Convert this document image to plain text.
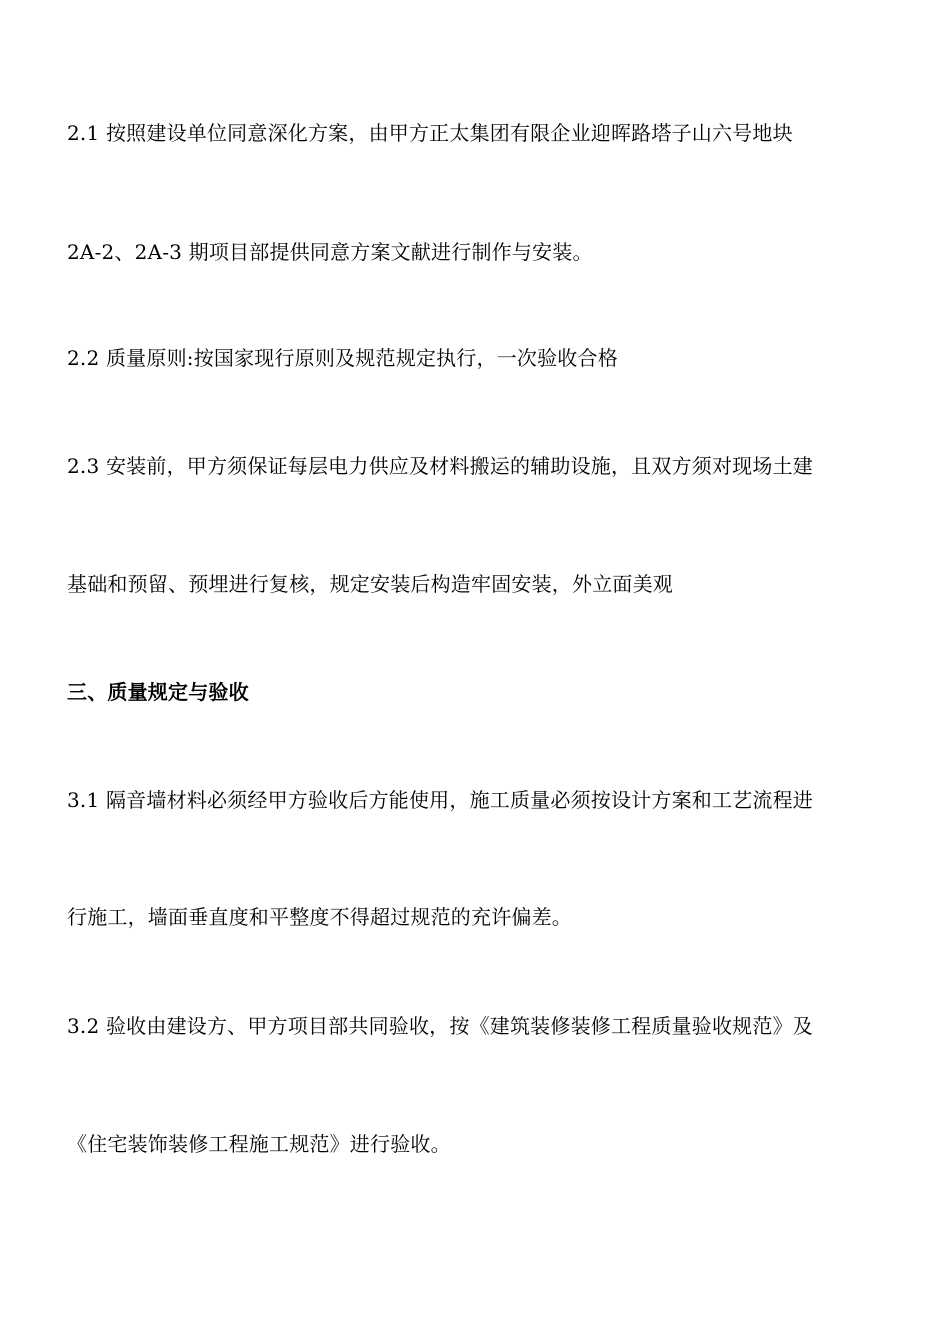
2.1 按照建设单位同意深化方案，由甲方正太集团有限企业迎晖路塔子山六号地块
2A-2、2A-3 期项目部提供同意方案文献进行制作与安装。
2.2 质量原则:按国家现行原则及规范规定执行，一次验收合格
2.3 安装前，甲方须保证每层电力供应及材料搬运的辅助设施，且双方须对现场土建
基础和预留、预埋进行复核，规定安装后构造牢固安装，外立面美观
三、质量规定与验收
3.1 隔音墙材料必须经甲方验收后方能使用，施工质量必须按设计方案和工艺流程进
行施工，墙面垂直度和平整度不得超过规范的充许偏差。
3.2 验收由建设方、甲方项目部共同验收，按《建筑装修装修工程质量验收规范》及
《住宅装饰装修工程施工规范》进行验收。
